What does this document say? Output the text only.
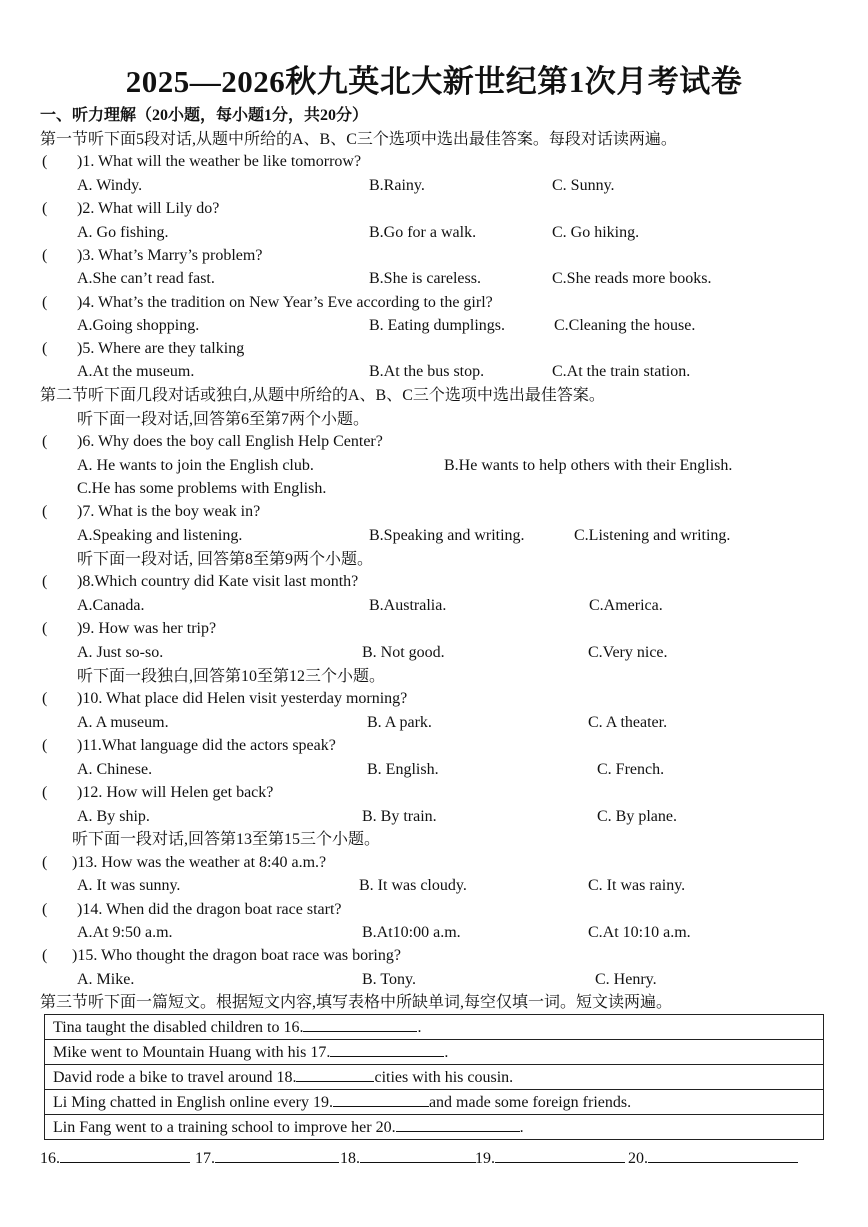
2025—2026秋九英北大新世纪第1次月考试卷
一、听力理解（20小题，每小题1分，共20分）
第一节听下面5段对话,从题中所给的A、B、C三个选项中选出最佳答案。每段对话读两遍。
( )1. What will the weather be like tomorrow?
A. Windy.	B.Rainy.	C. Sunny.
( )2. What will Lily do?
A. Go fishing.	B.Go for a walk.	C. Go hiking.
( )3. What’s Marry’s problem?
A.She can’t read fast.	B.She is careless.	C.She reads more books.
( )4. What’s the tradition on New Year’s Eve according to the girl?
A.Going shopping.	B. Eating dumplings.	C.Cleaning the house.
( )5. Where are they talking
A.At the museum.	B.At the bus stop.	C.At the train station.
第二节听下面几段对话或独白,从题中所给的A、B、C三个选项中选出最佳答案。
听下面一段对话,回答第6至第7两个小题。
( )6. Why does the boy call English Help Center?
A. He wants to join the English club.	B.He wants to help others with their English.
C.He has some problems with English.
( )7. What is the boy weak in?
A.Speaking and listening.	B.Speaking and writing.	C.Listening and writing.
听下面一段对话, 回答第8至第9两个小题。
( )8.Which country did Kate visit last month?
A.Canada.	B.Australia.	C.America.
( )9. How was her trip?
A. Just so-so.	B. Not good.	C.Very nice.
听下面一段独白,回答第10至第12三个小题。
( )10. What place did Helen visit yesterday morning?
A. A museum.	B. A park.	C. A theater.
( )11.What language did the actors speak?
A. Chinese.	B. English.	C. French.
( )12. How will Helen get back?
A. By ship.	B. By train.	C. By plane.
听下面一段对话,回答第13至第15三个小题。
( )13. How was the weather at 8:40 a.m.?
A. It was sunny.	B. It was cloudy.	C. It was rainy.
( )14. When did the dragon boat race start?
A.At 9:50 a.m.	B.At10:00 a.m.	C.At 10:10 a.m.
( )15. Who thought the dragon boat race was boring?
A. Mike.	B. Tony.	C. Henry.
第三节听下面一篇短文。根据短文内容,填写表格中所缺单词,每空仅填一词。短文读两遍。
Tina taught the disabled children to 16.	.
Mike went to Mountain Huang with his 17.	.
David rode a bike to travel around 18.	cities with his cousin.
Li Ming chatted in English online every 19.	and made some foreign friends.
Lin Fang went to a training school to improve her 20.	.
16.	17.	18.	19.	20.
